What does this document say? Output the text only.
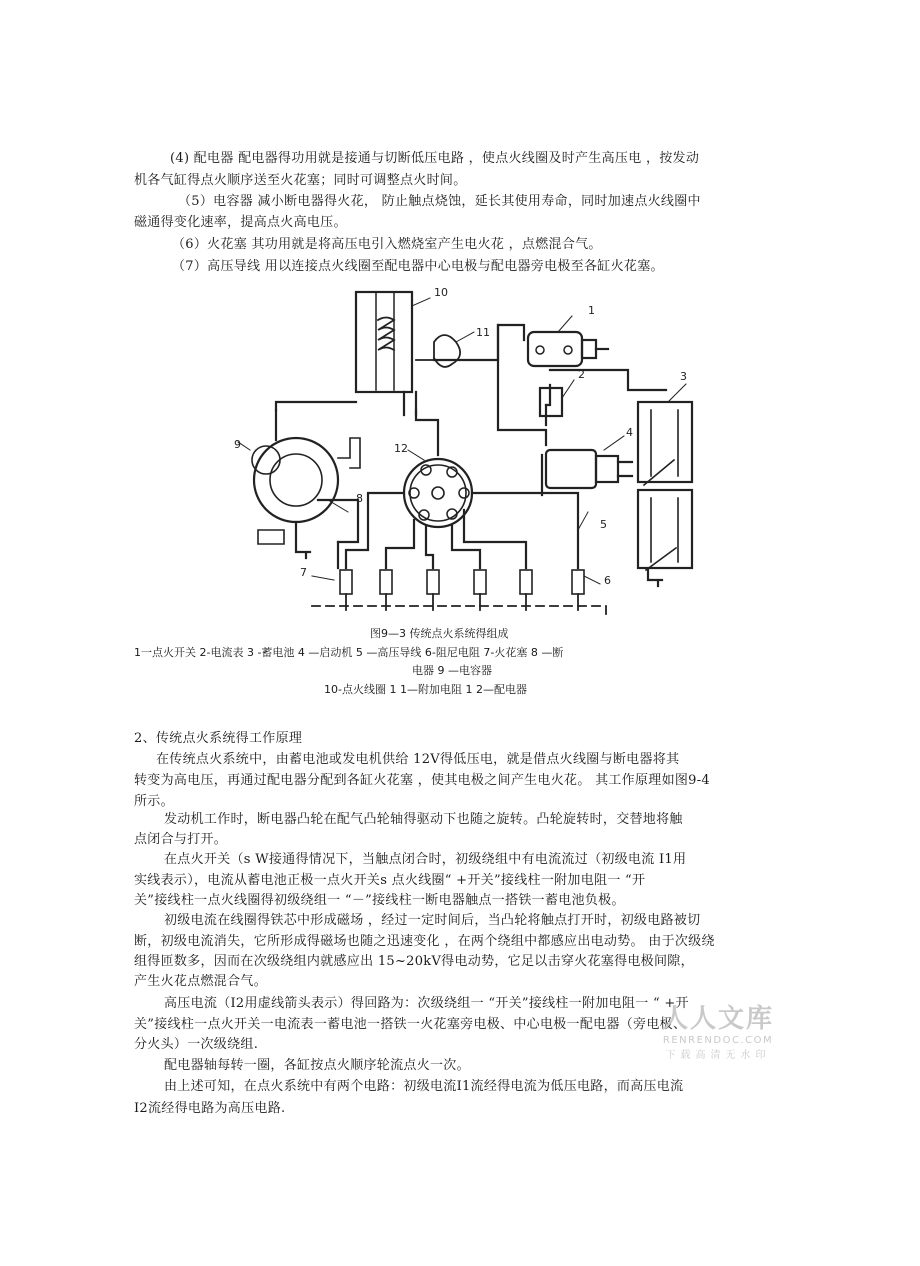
(4) 配电器 配电器得功用就是接通与切断低压电路 ，使点火线圈及时产生高压电 ，按发动
机各气缸得点火顺序送至火花塞；同时可调整点火时间。
（5）电容器 减小断电器得火花， 防止触点烧蚀，延长其使用寿命，同时加速点火线圈中
磁通得变化速率，提高点火高电压。
（6）火花塞 其功用就是将高压电引入燃烧室产生电火花 ，点燃混合气。
（7）高压导线 用以连接点火线圈至配电器中心电极与配电器旁电极至各缸火花塞。
1
2	3
4
5
6
7
8
9
10
11
12
图9—3 传统点火系统得组成
1一点火开关 2-电流表 3 -蓄电池 4 —启动机 5 —高压导线 6-阻尼电阻 7-火花塞 8 —断
电器 9 —电容器
10-点火线圈 1 1—附加电阻 1 2—配电器
2、传统点火系统得工作原理
在传统点火系统中，由蓄电池或发电机供给 12V得低压电，就是借点火线圈与断电器将其
转变为高电压，再通过配电器分配到各缸火花塞 ，使其电极之间产生电火花。 其工作原理如图9-4
所示。
发动机工作时，断电器凸轮在配气凸轮轴得驱动下也随之旋转。凸轮旋转时，交替地将触
点闭合与打开。
在点火开关（s W接通得情况下，当触点闭合时，初级绕组中有电流流过（初级电流 I1用
实线表示），电流从蓄电池正极一点火开关s 点火线圈“ +开关”接线柱一附加电阻一 “开
关”接线柱一点火线圈得初级绕组一 “－”接线柱一断电器触点一搭铁一蓄电池负极。
初级电流在线圈得铁芯中形成磁场 ，经过一定时间后，当凸轮将触点打开时，初级电路被切
断，初级电流消失，它所形成得磁场也随之迅速变化 ，在两个绕组中都感应出电动势。 由于次级绕
组得匝数多，因而在次级绕组内就感应出 15~20kV得电动势，它足以击穿火花塞得电极间隙，
产生火花点燃混合气。
高压电流（I2用虚线箭头表示）得回路为：次级绕组一 “开关”接线柱一附加电阻一 “ +开
关”接线柱一点火开关一电流表一蓄电池一搭铁一火花塞旁电极、中心电极一配电器（旁电极、
分火头）一次级绕组.
配电器轴每转一圈，各缸按点火顺序轮流点火一次。
由上述可知，在点火系统中有两个电路：初级电流I1流经得电流为低压电路，而高压电流
I2流经得电路为高压电路.
人人文库
RENRENDOC.COM
下载高清无水印
